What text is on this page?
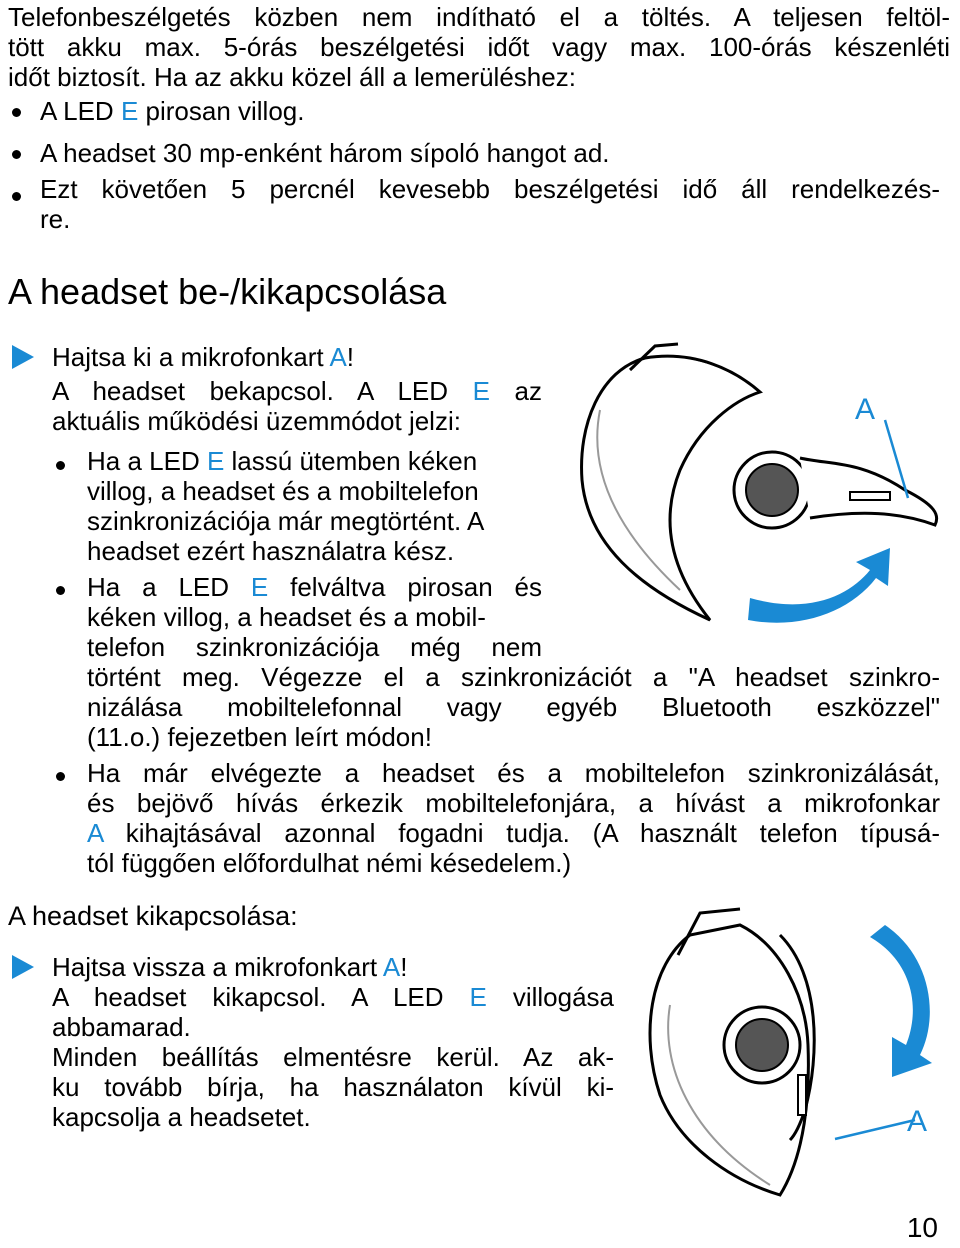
Telefonbeszélgetés közben nem indítható el a töltés. A teljesen feltöl-
tött akku max. 5-órás beszélgetési időt vagy max. 100-órás készenléti
időt biztosít. Ha az akku közel áll a lemerüléshez:
A LED E pirosan villog.
A headset 30 mp-enként három sípoló hangot ad.
Ezt követően 5 percnél kevesebb beszélgetési idő áll rendelkezés-
re.
A headset be-/kikapcsolása
Hajtsa ki a mikrofonkart A!
A headset bekapcsol. A LED E az
aktuális működési üzemmódot jelzi:
Ha a LED E lassú ütemben kéken
villog, a headset és a mobiltelefon
szinkronizációja már megtörtént. A
headset ezért használatra kész.
Ha a LED E felváltva pirosan és
kéken villog, a headset és a mobil-
telefon szinkronizációja még nem
történt meg. Végezze el a szinkronizációt a "A headset szinkro-
nizálása mobiltelefonnal vagy egyéb Bluetooth eszközzel"
(11.o.) fejezetben leírt módon!
Ha már elvégezte a headset és a mobiltelefon szinkronizálását,
és bejövő hívás érkezik mobiltelefonjára, a hívást a mikrofonkar
A kihajtásával azonnal fogadni tudja. (A használt telefon típusá-
tól függően előfordulhat némi késedelem.)
A
A headset kikapcsolása:
Hajtsa vissza a mikrofonkart A!
A headset kikapcsol. A LED E villogása
abbamarad.
Minden beállítás elmentésre kerül. Az ak-
ku tovább bírja, ha használaton kívül ki-
kapcsolja a headsetet.	A
10
